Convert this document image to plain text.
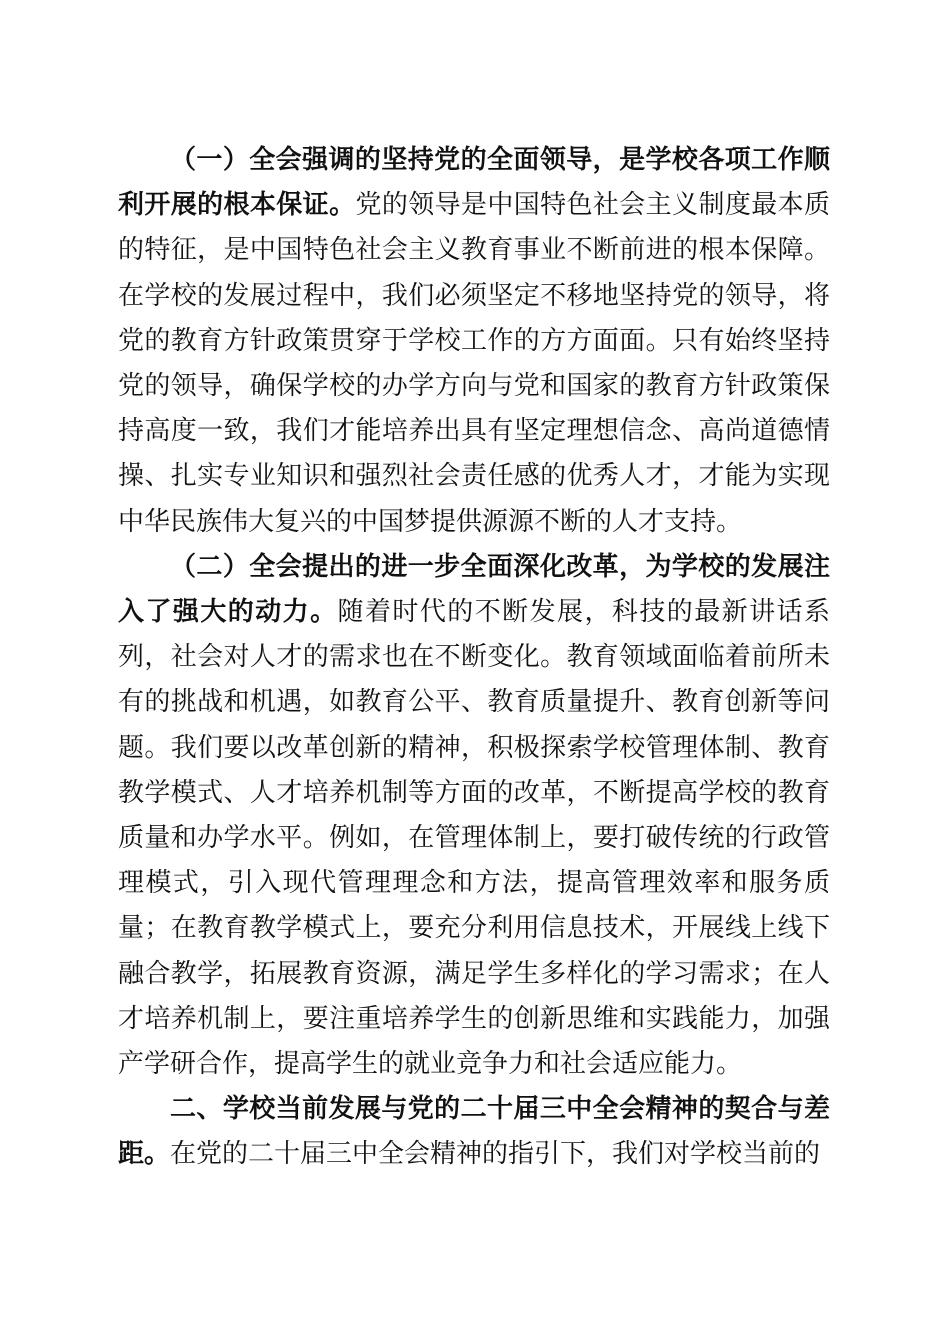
（一）全会强调的坚持党的全面领导，是学校各项工作顺利开展的根本保证。党的领导是中国特色社会主义制度最本质的特征，是中国特色社会主义教育事业不断前进的根本保障。在学校的发展过程中，我们必须坚定不移地坚持党的领导，将党的教育方针政策贯穿于学校工作的方方面面。只有始终坚持党的领导，确保学校的办学方向与党和国家的教育方针政策保持高度一致，我们才能培养出具有坚定理想信念、高尚道德情操、扎实专业知识和强烈社会责任感的优秀人才，才能为实现中华民族伟大复兴的中国梦提供源源不断的人才支持。

（二）全会提出的进一步全面深化改革，为学校的发展注入了强大的动力。随着时代的不断发展，科技的最新讲话系列，社会对人才的需求也在不断变化。教育领域面临着前所未有的挑战和机遇，如教育公平、教育质量提升、教育创新等问题。我们要以改革创新的精神，积极探索学校管理体制、教育教学模式、人才培养机制等方面的改革，不断提高学校的教育质量和办学水平。例如，在管理体制上，要打破传统的行政管理模式，引入现代管理理念和方法，提高管理效率和服务质量；在教育教学模式上，要充分利用信息技术，开展线上线下融合教学，拓展教育资源，满足学生多样化的学习需求；在人才培养机制上，要注重培养学生的创新思维和实践能力，加强产学研合作，提高学生的就业竞争力和社会适应能力。

二、学校当前发展与党的二十届三中全会精神的契合与差距。在党的二十届三中全会精神的指引下，我们对学校当前的
